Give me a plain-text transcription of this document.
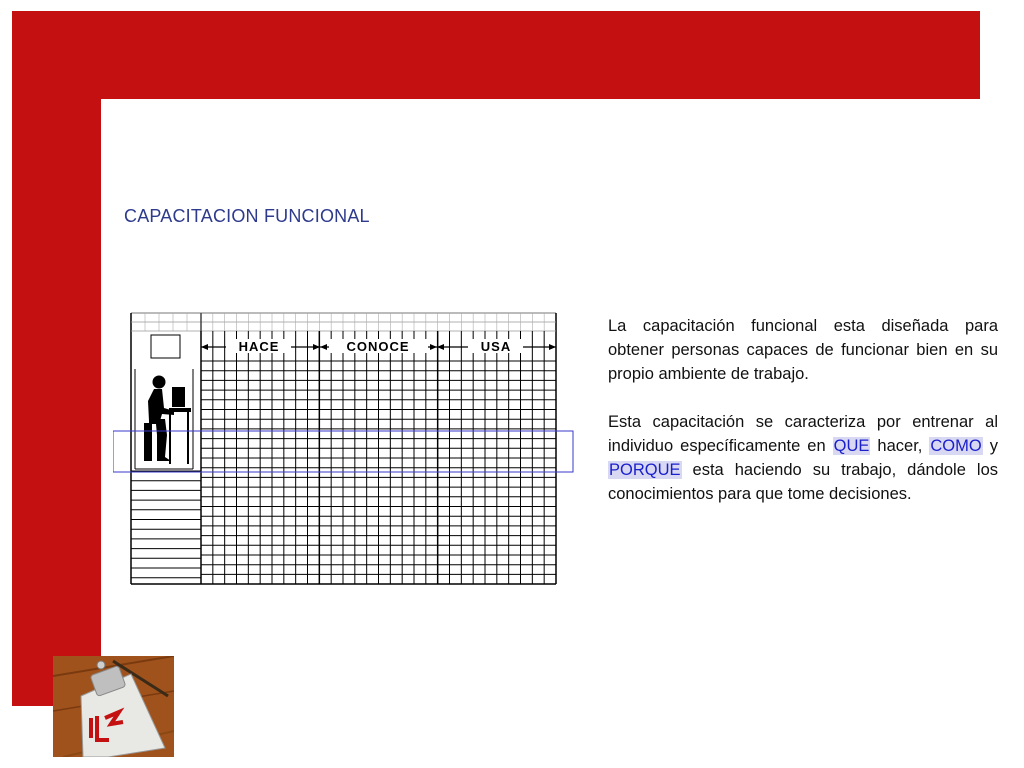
CAPACITACION FUNCIONAL
HACE	CONOCE	USA

La capacitación funcional esta diseñada para obtener personas capaces de funcionar bien en su propio ambiente de trabajo.

Esta capacitación se caracteriza por entrenar al individuo específicamente en QUE hacer, COMO y PORQUE esta haciendo su trabajo, dándole los conocimientos para que tome decisiones.
